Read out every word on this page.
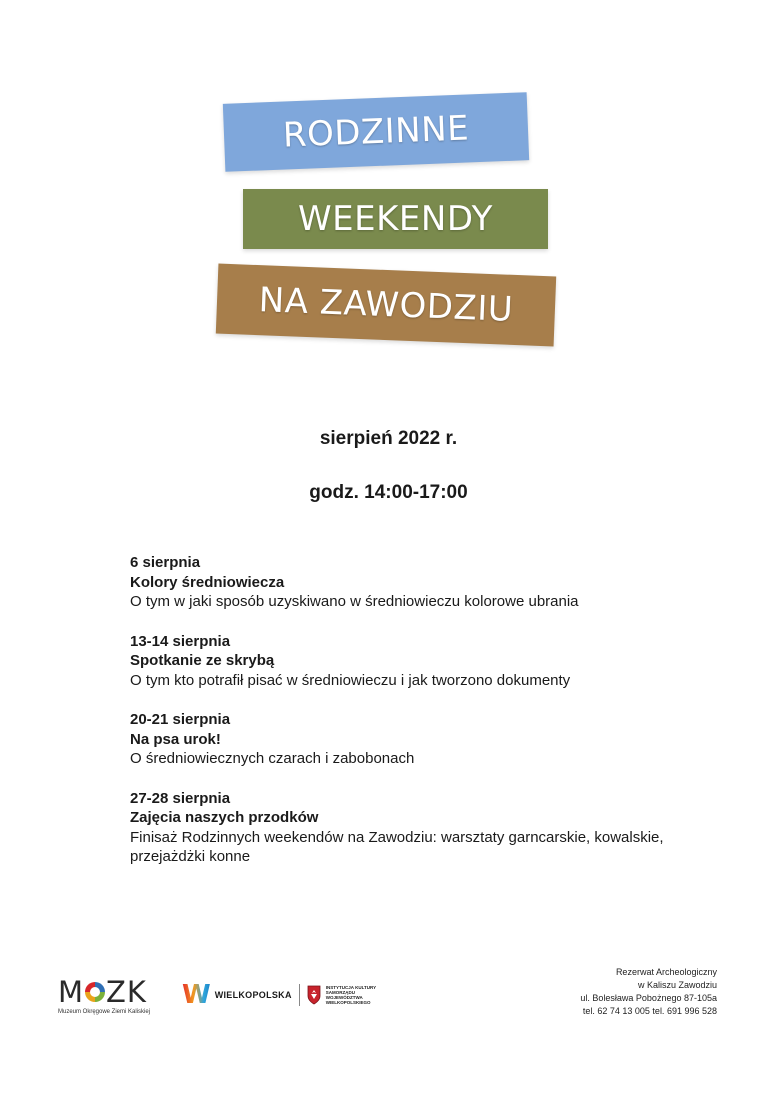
RODZINNE
WEEKENDY
NA ZAWODZIU
sierpień 2022 r.
godz. 14:00-17:00
6 sierpnia
Kolory średniowiecza
O tym w jaki sposób uzyskiwano w średniowieczu kolorowe ubrania
13-14 sierpnia
Spotkanie ze skrybą
O tym kto potrafił pisać w średniowieczu i jak tworzono dokumenty
20-21 sierpnia
Na psa urok!
O średniowiecznych czarach i zabobonach
27-28 sierpnia
Zajęcia naszych przodków
Finisaż Rodzinnych weekendów na Zawodziu: warsztaty garncarskie, kowalskie, przejażdżki konne
M ZK
Muzeum Okręgowe Ziemi Kaliskiej
W WIELKOPOLSKA
INSTYTUCJA KULTURY
SAMORZĄDU
WOJEWÓDZTWA
WIELKOPOLSKIEGO
Rezerwat Archeologiczny
w Kaliszu Zawodziu
ul. Bolesława Pobożnego 87-105a
tel. 62 74 13 005 tel. 691 996 528
